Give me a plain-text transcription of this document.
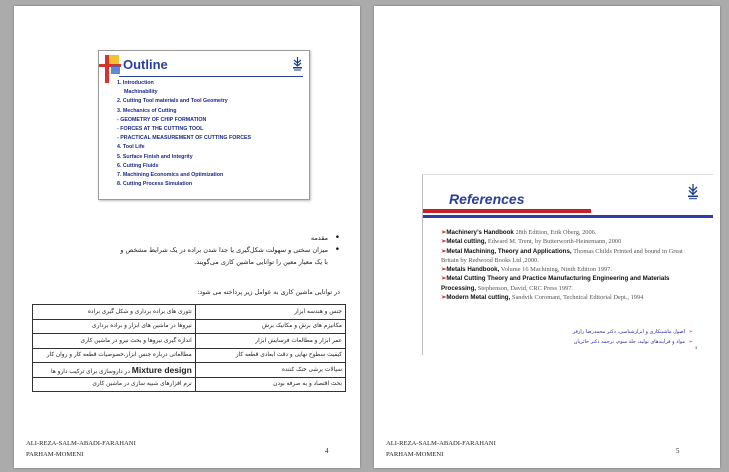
Outline
1. Introduction
Machinability
2. Cutting Tool materials and Tool Geometry
3. Mechanics of Cutting
- GEOMETRY OF CHIP FORMATION
- FORCES AT THE CUTTING TOOL
- PRACTICAL MEASUREMENT OF CUTTING FORCES
4. Tool Life
5. Surface Finish and Integrity
6. Cutting Fluids
7. Machining Economics and Optimization
8. Cutting Process Simulation
• مقدمه
• میزان سختی و سهولت شکل‌گیری یا جدا شدن براده در یک شرایط مشخص و
با یک معیار معین را توانایی ماشین کاری می‌گویند.
در توانایی ماشین کاری به عوامل زیر پرداخته می شود:
جنس و هندسه ابزار	تئوری های براده برداری و شکل گیری براده
مکانیزم های برش و مکانیک برش	نیروها در ماشین های ابزار و براده برداری
عمر ابزار و مطالعات فرسایش ابزار	اندازه گیری نیروها و بحث نیرو در ماشین کاری
کیفیت سطوح نهایی و دقت ابعادی قطعه کار	مطالعاتی درباره جنس ابزار،خصوصیات قطعه کار و روان کار
سیالات برشی خنک کننده	Mixture design در داروسازی برای ترکیب دارو ها
بحث اقتصاد و به صرفه بودن	نرم افزارهای شبیه سازی در ماشین کاری
ALI-REZA-SALM-ABADI-FARAHANI
PARHAM-MOMENI	4
References

➢Machinery’s Handbook 28th Edition, Erik Oberg, 2006.

➢Metal cutting, Edward M. Trent, by Butterworth-Heinemann, 2000

➢Metal Machining, Theory and Applications, Thomas Childs Printed and bound in Great Britain by Redwood Books Ltd ,2000.

➢Metals Handbook, Volume 16 Machining, Ninth Edition 1997.

➢Metal Cutting Theory and Practice Manufacturing Engineering and Materials Processing, Stephenson, David, CRC Press 1997.

➢Modern Metal cutting, Sandvik Coromant, Technical Editorial Dept., 1994

➢ اصول ماشینکاری و ابزارشناسی، دکتر محمدرضا رازفر
➢ مواد و فرایندهای تولید، جلد سوم، ترجمه دکتر حائریان
3
ALI-REZA-SALM-ABADI-FARAHANI
PARHAM-MOMENI	5
